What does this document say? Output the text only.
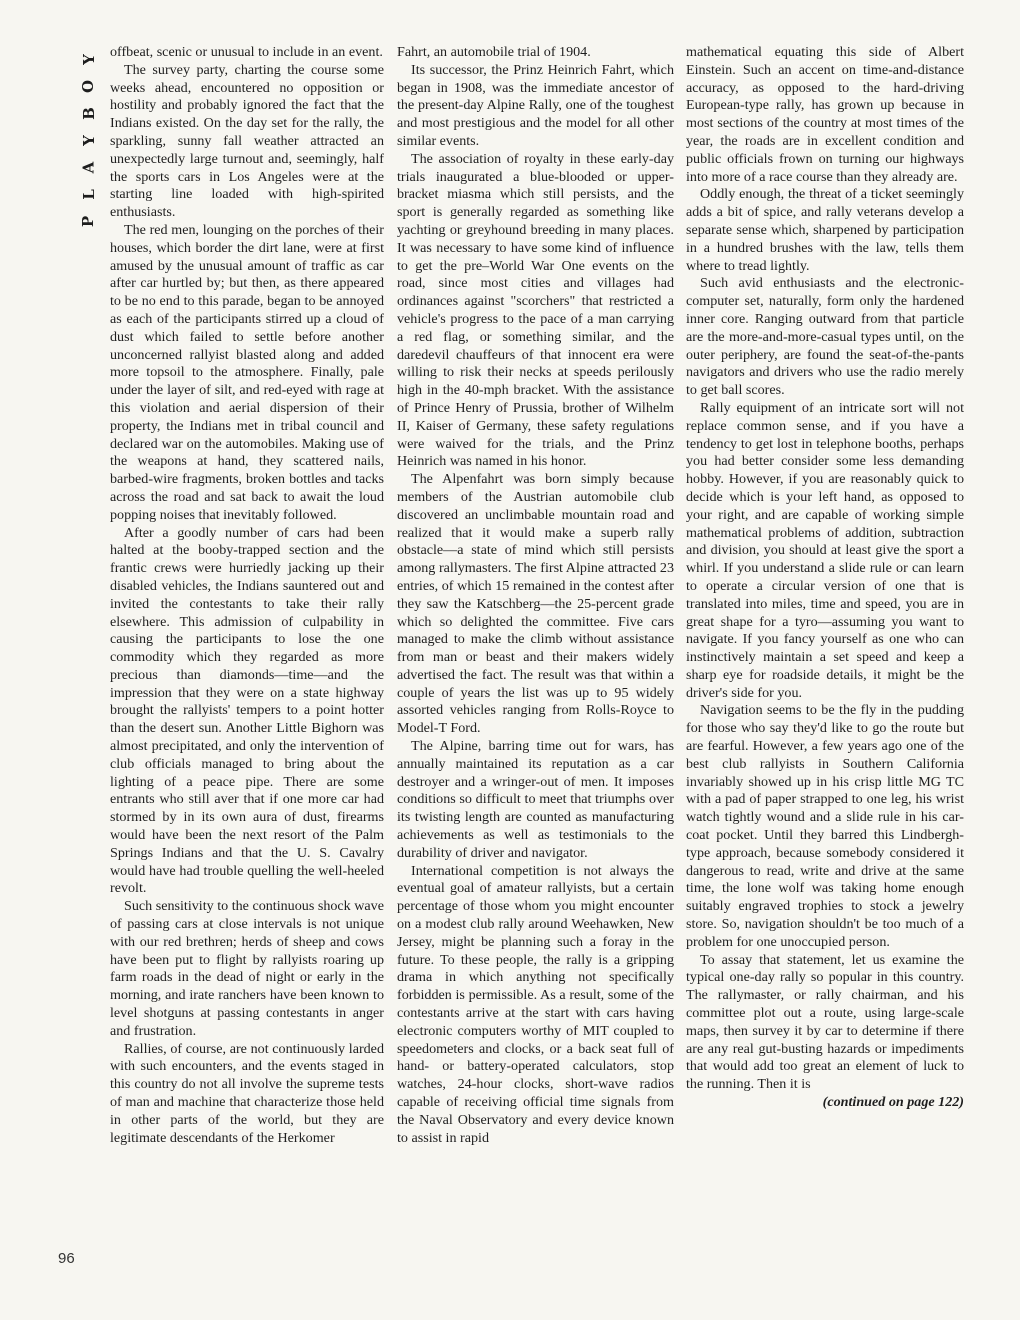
Y
O
B
Y
A
L
P
96

offbeat, scenic or unusual to include in an event.

The survey party, charting the course some weeks ahead, encountered no opposition or hostility and probably ignored the fact that the Indians existed. On the day set for the rally, the sparkling, sunny fall weather attracted an unexpectedly large turnout and, seemingly, half the sports cars in Los Angeles were at the starting line loaded with high-spirited enthusiasts.

The red men, lounging on the porches of their houses, which border the dirt lane, were at first amused by the unusual amount of traffic as car after car hurtled by; but then, as there appeared to be no end to this parade, began to be annoyed as each of the participants stirred up a cloud of dust which failed to settle before another unconcerned rallyist blasted along and added more topsoil to the atmosphere. Finally, pale under the layer of silt, and red-eyed with rage at this violation and aerial dispersion of their property, the Indians met in tribal council and declared war on the automobiles. Making use of the weapons at hand, they scattered nails, barbed-wire fragments, broken bottles and tacks across the road and sat back to await the loud popping noises that inevitably followed.

After a goodly number of cars had been halted at the booby-trapped section and the frantic crews were hurriedly jacking up their disabled vehicles, the Indians sauntered out and invited the contestants to take their rally elsewhere. This admission of culpability in causing the participants to lose the one commodity which they regarded as more precious than diamonds—time—and the impression that they were on a state highway brought the rallyists' tempers to a point hotter than the desert sun. Another Little Bighorn was almost precipitated, and only the intervention of club officials managed to bring about the lighting of a peace pipe. There are some entrants who still aver that if one more car had stormed by in its own aura of dust, firearms would have been the next resort of the Palm Springs Indians and that the U. S. Cavalry would have had trouble quelling the well-heeled revolt.

Such sensitivity to the continuous shock wave of passing cars at close intervals is not unique with our red brethren; herds of sheep and cows have been put to flight by rallyists roaring up farm roads in the dead of night or early in the morning, and irate ranchers have been known to level shotguns at passing contestants in anger and frustration.

Rallies, of course, are not continuously larded with such encounters, and the events staged in this country do not all involve the supreme tests of man and machine that characterize those held in other parts of the world, but they are legitimate descendants of the Herkomer

Fahrt, an automobile trial of 1904.

Its successor, the Prinz Heinrich Fahrt, which began in 1908, was the immediate ancestor of the present-day Alpine Rally, one of the toughest and most prestigious and the model for all other similar events.

The association of royalty in these early-day trials inaugurated a blue-blooded or upper-bracket miasma which still persists, and the sport is generally regarded as something like yachting or greyhound breeding in many places. It was necessary to have some kind of influence to get the pre–World War One events on the road, since most cities and villages had ordinances against "scorchers" that restricted a vehicle's progress to the pace of a man carrying a red flag, or something similar, and the daredevil chauffeurs of that innocent era were willing to risk their necks at speeds perilously high in the 40-mph bracket. With the assistance of Prince Henry of Prussia, brother of Wilhelm II, Kaiser of Germany, these safety regulations were waived for the trials, and the Prinz Heinrich was named in his honor.

The Alpenfahrt was born simply because members of the Austrian automobile club discovered an unclimbable mountain road and realized that it would make a superb rally obstacle—a state of mind which still persists among rallymasters. The first Alpine attracted 23 entries, of which 15 remained in the contest after they saw the Katschberg—the 25-percent grade which so delighted the committee. Five cars managed to make the climb without assistance from man or beast and their makers widely advertised the fact. The result was that within a couple of years the list was up to 95 widely assorted vehicles ranging from Rolls-Royce to Model-T Ford.

The Alpine, barring time out for wars, has annually maintained its reputation as a car destroyer and a wringer-out of men. It imposes conditions so difficult to meet that triumphs over its twisting length are counted as manufacturing achievements as well as testimonials to the durability of driver and navigator.

International competition is not always the eventual goal of amateur rallyists, but a certain percentage of those whom you might encounter on a modest club rally around Weehawken, New Jersey, might be planning such a foray in the future. To these people, the rally is a gripping drama in which anything not specifically forbidden is permissible. As a result, some of the contestants arrive at the start with cars having electronic computers worthy of MIT coupled to speedometers and clocks, or a back seat full of hand- or battery-operated calculators, stop watches, 24-hour clocks, short-wave radios capable of receiving official time signals from the Naval Observatory and every device known to assist in rapid

mathematical equating this side of Albert Einstein. Such an accent on time-and-distance accuracy, as opposed to the hard-driving European-type rally, has grown up because in most sections of the country at most times of the year, the roads are in excellent condition and public officials frown on turning our highways into more of a race course than they already are.

Oddly enough, the threat of a ticket seemingly adds a bit of spice, and rally veterans develop a separate sense which, sharpened by participation in a hundred brushes with the law, tells them where to tread lightly.

Such avid enthusiasts and the electronic-computer set, naturally, form only the hardened inner core. Ranging outward from that particle are the more-and-more-casual types until, on the outer periphery, are found the seat-of-the-pants navigators and drivers who use the radio merely to get ball scores.

Rally equipment of an intricate sort will not replace common sense, and if you have a tendency to get lost in telephone booths, perhaps you had better consider some less demanding hobby. However, if you are reasonably quick to decide which is your left hand, as opposed to your right, and are capable of working simple mathematical problems of addition, subtraction and division, you should at least give the sport a whirl. If you understand a slide rule or can learn to operate a circular version of one that is translated into miles, time and speed, you are in great shape for a tyro—assuming you want to navigate. If you fancy yourself as one who can instinctively maintain a set speed and keep a sharp eye for roadside details, it might be the driver's side for you.

Navigation seems to be the fly in the pudding for those who say they'd like to go the route but are fearful. However, a few years ago one of the best club rallyists in Southern California invariably showed up in his crisp little MG TC with a pad of paper strapped to one leg, his wrist watch tightly wound and a slide rule in his car-coat pocket. Until they barred this Lindbergh-type approach, because somebody considered it dangerous to read, write and drive at the same time, the lone wolf was taking home enough suitably engraved trophies to stock a jewelry store. So, navigation shouldn't be too much of a problem for one unoccupied person.

To assay that statement, let us examine the typical one-day rally so popular in this country. The rallymaster, or rally chairman, and his committee plot out a route, using large-scale maps, then survey it by car to determine if there are any real gut-busting hazards or impediments that would add too great an element of luck to the running. Then it is

(continued on page 122)
